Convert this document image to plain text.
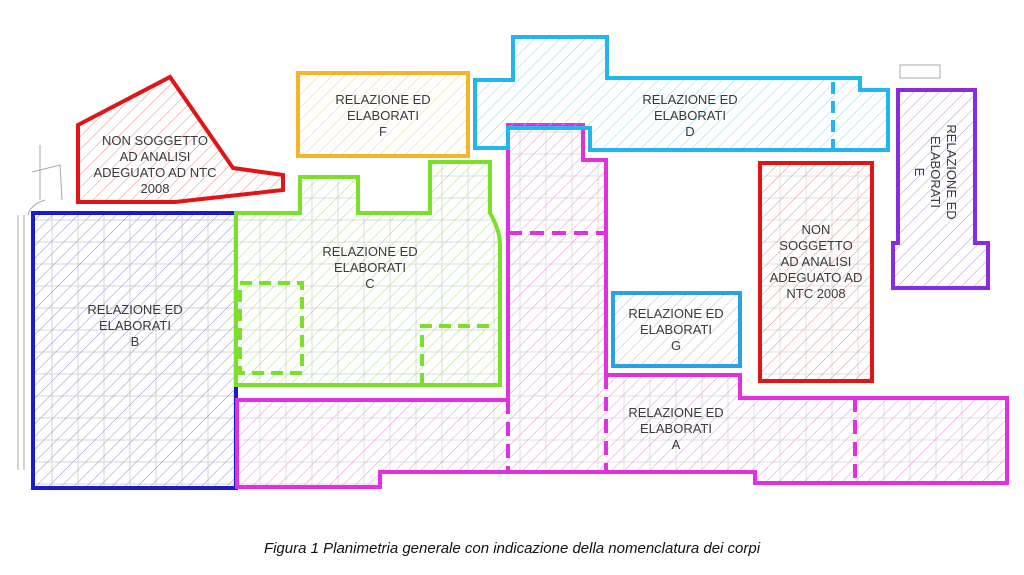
NON SOGGETTO
AD ANALISI
ADEGUATO AD NTC
2008
RELAZIONE ED
ELABORATI
F
RELAZIONE ED
ELABORATI
D
RELAZIONE ED
ELABORATI
C
RELAZIONE ED
ELABORATI
B
RELAZIONE ED
ELABORATI
G
RELAZIONE ED
ELABORATI
A
NON
SOGGETTO
AD ANALISI
ADEGUATO AD
NTC 2008
RELAZIONE ED
ELABORATI
E
Figura 1 Planimetria generale con indicazione della nomenclatura dei corpi
